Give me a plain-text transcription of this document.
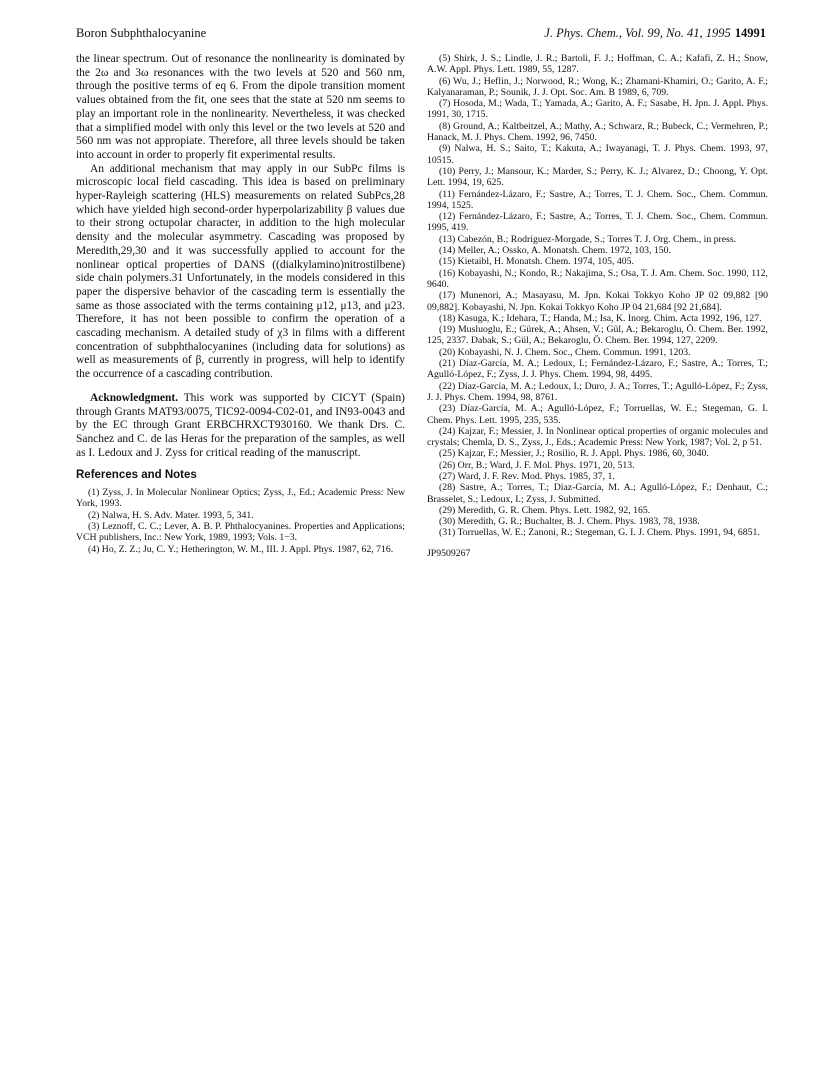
Boron Subphthalocyanine	J. Phys. Chem., Vol. 99, No. 41, 1995 14991

the linear spectrum. Out of resonance the nonlinearity is dominated by the 2ω and 3ω resonances with the two levels at 520 and 560 nm, through the positive terms of eq 6. From the dipole transition moment values obtained from the fit, one sees that the state at 520 nm seems to play an important role in the nonlinearity. Nevertheless, it was checked that a simplified model with only this level or the two levels at 520 and 560 nm was not appropiate. Therefore, all three levels should be taken into account in order to properly fit experimental results.

An additional mechanism that may apply in our SubPc films is microscopic local field cascading. This idea is based on preliminary hyper-Rayleigh scattering (HLS) measurements on related SubPcs,28 which have yielded high second-order hyperpolarizability β values due to their strong octupolar character, in addition to the high molecular density and the molecular asymmetry. Cascading was proposed by Meredith,29,30 and it was successfully applied to account for the nonlinear optical properties of DANS ((dialkylamino)nitrostilbene) side chain polymers.31 Unfortunately, in the models considered in this paper the dispersive behavior of the cascading term is essentially the same as those associated with the terms containing μ12, μ13, and μ23. Therefore, it has not been possible to confirm the operation of a cascading mechanism. A detailed study of χ3 in films with a different concentration of subphthalocyanines (including data for solutions) as well as measurements of β, currently in progress, will help to identify the occurrence of a cascading contribution.

Acknowledgment. This work was supported by CICYT (Spain) through Grants MAT93/0075, TIC92-0094-C02-01, and IN93-0043 and by the EC through Grant ERBCHRXCT930160. We thank Drs. C. Sanchez and C. de las Heras for the preparation of the samples, as well as I. Ledoux and J. Zyss for critical reading of the manuscript.

References and Notes

(1) Zyss, J. In Molecular Nonlinear Optics; Zyss, J., Ed.; Academic Press: New York, 1993.

(2) Nalwa, H. S. Adv. Mater. 1993, 5, 341.

(3) Leznoff, C. C.; Lever, A. B. P. Phthalocyanines. Properties and Applications; VCH publishers, Inc.: New York, 1989, 1993; Vols. 1−3.

(4) Ho, Z. Z.; Ju, C. Y.; Hetherington, W. M., III. J. Appl. Phys. 1987, 62, 716.

(5) Shirk, J. S.; Lindle, J. R.; Bartoli, F. J.; Hoffman, C. A.; Kafafi, Z. H.; Snow, A.W. Appl. Phys. Lett. 1989, 55, 1287.

(6) Wu, J.; Heflin, J.; Norwood, R.; Wong, K.; Zhamani-Khamiri, O.; Garito, A. F.; Kalyanaraman, P.; Sounik, J. J. Opt. Soc. Am. B 1989, 6, 709.

(7) Hosoda, M.; Wada, T.; Yamada, A.; Garito, A. F.; Sasabe, H. Jpn. J. Appl. Phys. 1991, 30, 1715.

(8) Ground, A.; Kaltbeitzel, A.; Mathy, A.; Schwarz, R.; Bubeck, C.; Vermehren, P.; Hanack, M. J. Phys. Chem. 1992, 96, 7450.

(9) Nalwa, H. S.; Saito, T.; Kakuta, A.; Iwayanagi, T. J. Phys. Chem. 1993, 97, 10515.

(10) Perry, J.; Mansour, K.; Marder, S.; Perry, K. J.; Alvarez, D.; Choong, Y. Opt. Lett. 1994, 19, 625.

(11) Fernández-Lázaro, F.; Sastre, A.; Torres, T. J. Chem. Soc., Chem. Commun. 1994, 1525.

(12) Fernández-Lázaro, F.; Sastre, A.; Torres, T. J. Chem. Soc., Chem. Commun. 1995, 419.

(13) Cabezón, B.; Rodríguez-Morgade, S.; Torres T. J. Org. Chem., in press.

(14) Meller, A.; Ossko, A. Monatsh. Chem. 1972, 103, 150.

(15) Kietaibl, H. Monatsh. Chem. 1974, 105, 405.

(16) Kobayashi, N.; Kondo, R.; Nakajima, S.; Osa, T. J. Am. Chem. Soc. 1990, 112, 9640.

(17) Munenori, A.; Masayasu, M. Jpn. Kokai Tokkyo Koho JP 02 09,882 [90 09,882]. Kobayashi, N. Jpn. Kokai Tokkyo Koho JP 04 21,684 [92 21,684].

(18) Kasuga, K.; Idehara, T.; Handa, M.; Isa, K. Inorg. Chim. Acta 1992, 196, 127.

(19) Musluoglu, E.; Gürek, A.; Ahsen, V.; Gül, A.; Bekaroglu, Ö. Chem. Ber. 1992, 125, 2337. Dabak, S.; Gül, A.; Bekaroglu, Ö. Chem. Ber. 1994, 127, 2209.

(20) Kobayashi, N. J. Chem. Soc., Chem. Commun. 1991, 1203.

(21) Díaz-García, M. A.; Ledoux, I.; Fernández-Lázaro, F.; Sastre, A.; Torres, T.; Agulló-López, F.; Zyss, J. J. Phys. Chem. 1994, 98, 4495.

(22) Díaz-García, M. A.; Ledoux, I.; Duro, J. A.; Torres, T.; Agulló-López, F.; Zyss, J. J. Phys. Chem. 1994, 98, 8761.

(23) Díaz-García, M. A.; Agulló-López, F.; Torruellas, W. E.; Stegeman, G. I. Chem. Phys. Lett. 1995, 235, 535.

(24) Kajzar, F.; Messier, J. In Nonlinear optical properties of organic molecules and crystals; Chemla, D. S., Zyss, J., Eds.; Academic Press: New York, 1987; Vol. 2, p 51.

(25) Kajzar, F.; Messier, J.; Rosilio, R. J. Appl. Phys. 1986, 60, 3040.

(26) Orr, B.; Ward, J. F. Mol. Phys. 1971, 20, 513.

(27) Ward, J. F. Rev. Mod. Phys. 1985, 37, 1.

(28) Sastre, A.; Torres, T.; Díaz-García, M. A.; Agulló-López, F.; Denhaut, C.; Brasselet, S.; Ledoux, I.; Zyss, J. Submitted.

(29) Meredith, G. R. Chem. Phys. Lett. 1982, 92, 165.

(30) Meredith, G. R.; Buchalter, B. J. Chem. Phys. 1983, 78, 1938.

(31) Torruellas, W. E.; Zanoni, R.; Stegeman, G. I. J. Chem. Phys. 1991, 94, 6851.

JP9509267
